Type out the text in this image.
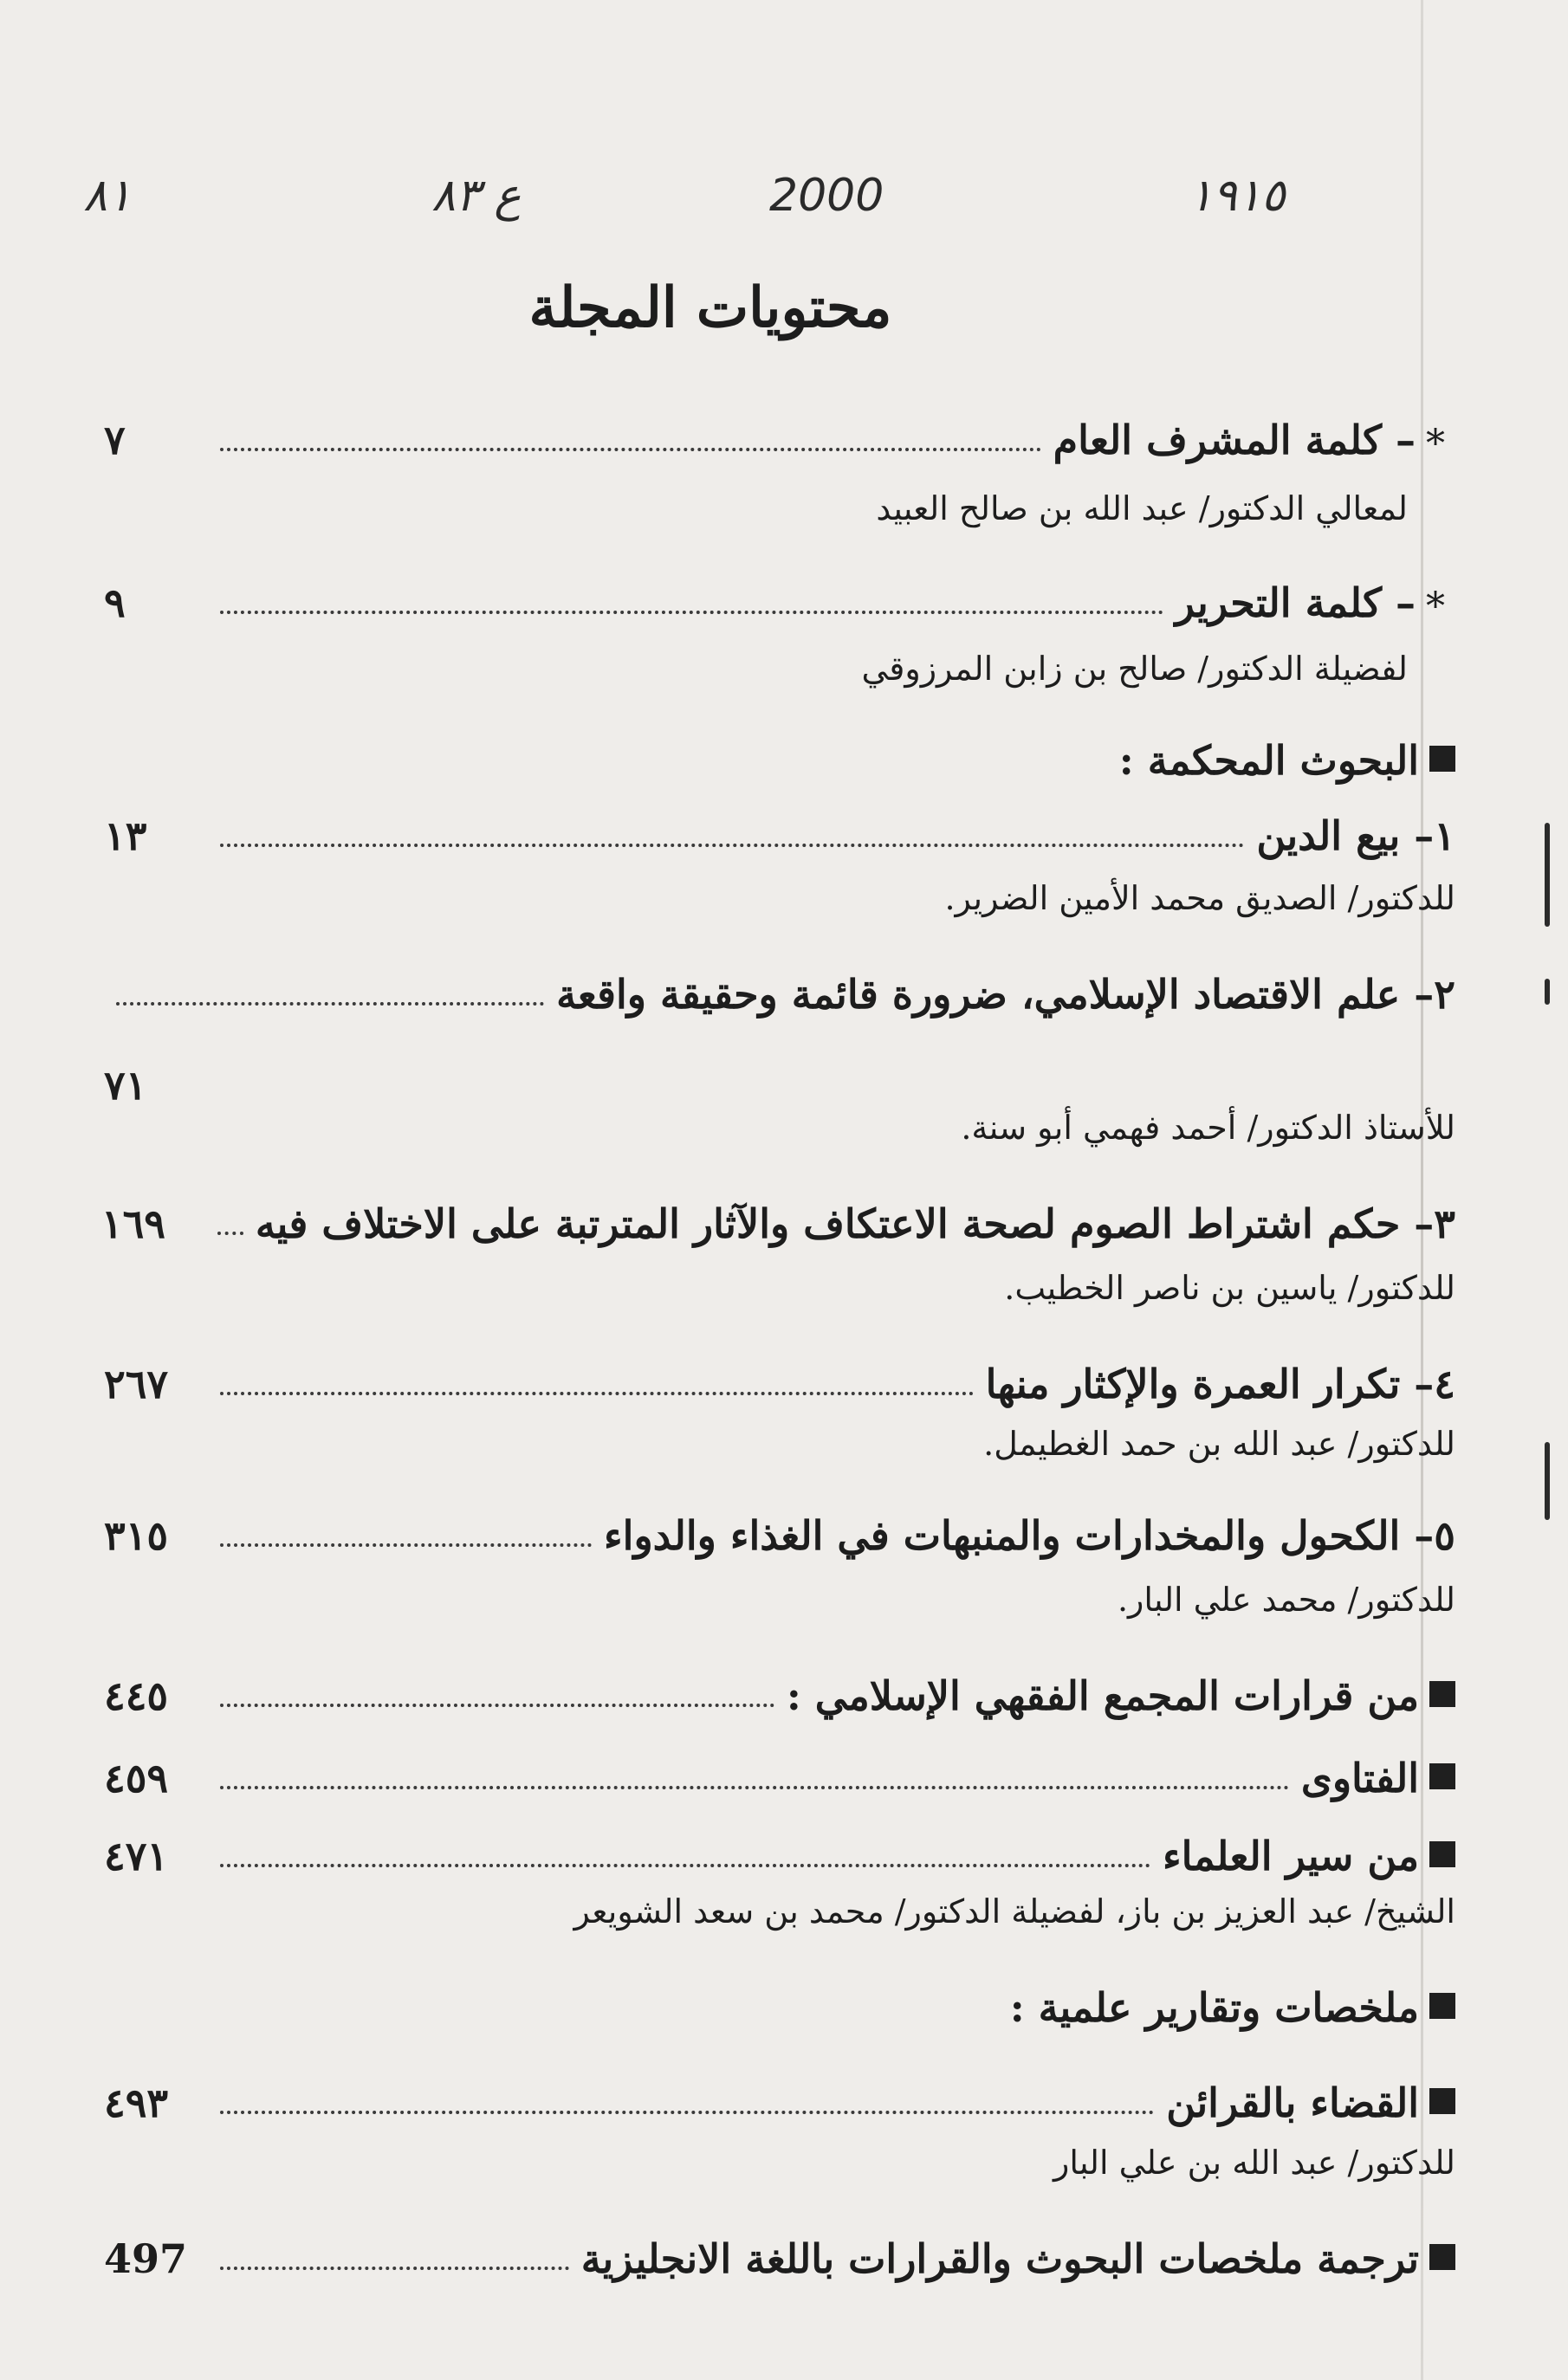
١٩١٥
2000
ع ٨٣
٨١
محتويات المجلة
*
– كلمة المشرف العام
٧
لمعالي الدكتور/ عبد الله بن صالح العبيد
*
– كلمة التحرير
٩
لفضيلة الدكتور/ صالح بن زابن المرزوقي
البحوث المحكمة :
١– بيع الدين
١٣
للدكتور/ الصديق محمد الأمين الضرير.
٢– علم الاقتصاد الإسلامي، ضرورة قائمة وحقيقة واقعة
٧١
للأستاذ الدكتور/ أحمد فهمي أبو سنة.
٣– حكم اشتراط الصوم لصحة الاعتكاف والآثار المترتبة على الاختلاف فيه
١٦٩
للدكتور/ ياسين بن ناصر الخطيب.
٤– تكرار العمرة والإكثار منها
٢٦٧
للدكتور/ عبد الله بن حمد الغطيمل.
٥– الكحول والمخدارات والمنبهات في الغذاء والدواء
٣١٥
للدكتور/ محمد علي البار.
من قرارات المجمع الفقهي الإسلامي :
٤٤٥
الفتاوى
٤٥٩
من سير العلماء
٤٧١
الشيخ/ عبد العزيز بن باز، لفضيلة الدكتور/ محمد بن سعد الشويعر
ملخصات وتقارير علمية :
القضاء بالقرائن
٤٩٣
للدكتور/ عبد الله بن علي البار
ترجمة ملخصات البحوث والقرارات باللغة الانجليزية
497
